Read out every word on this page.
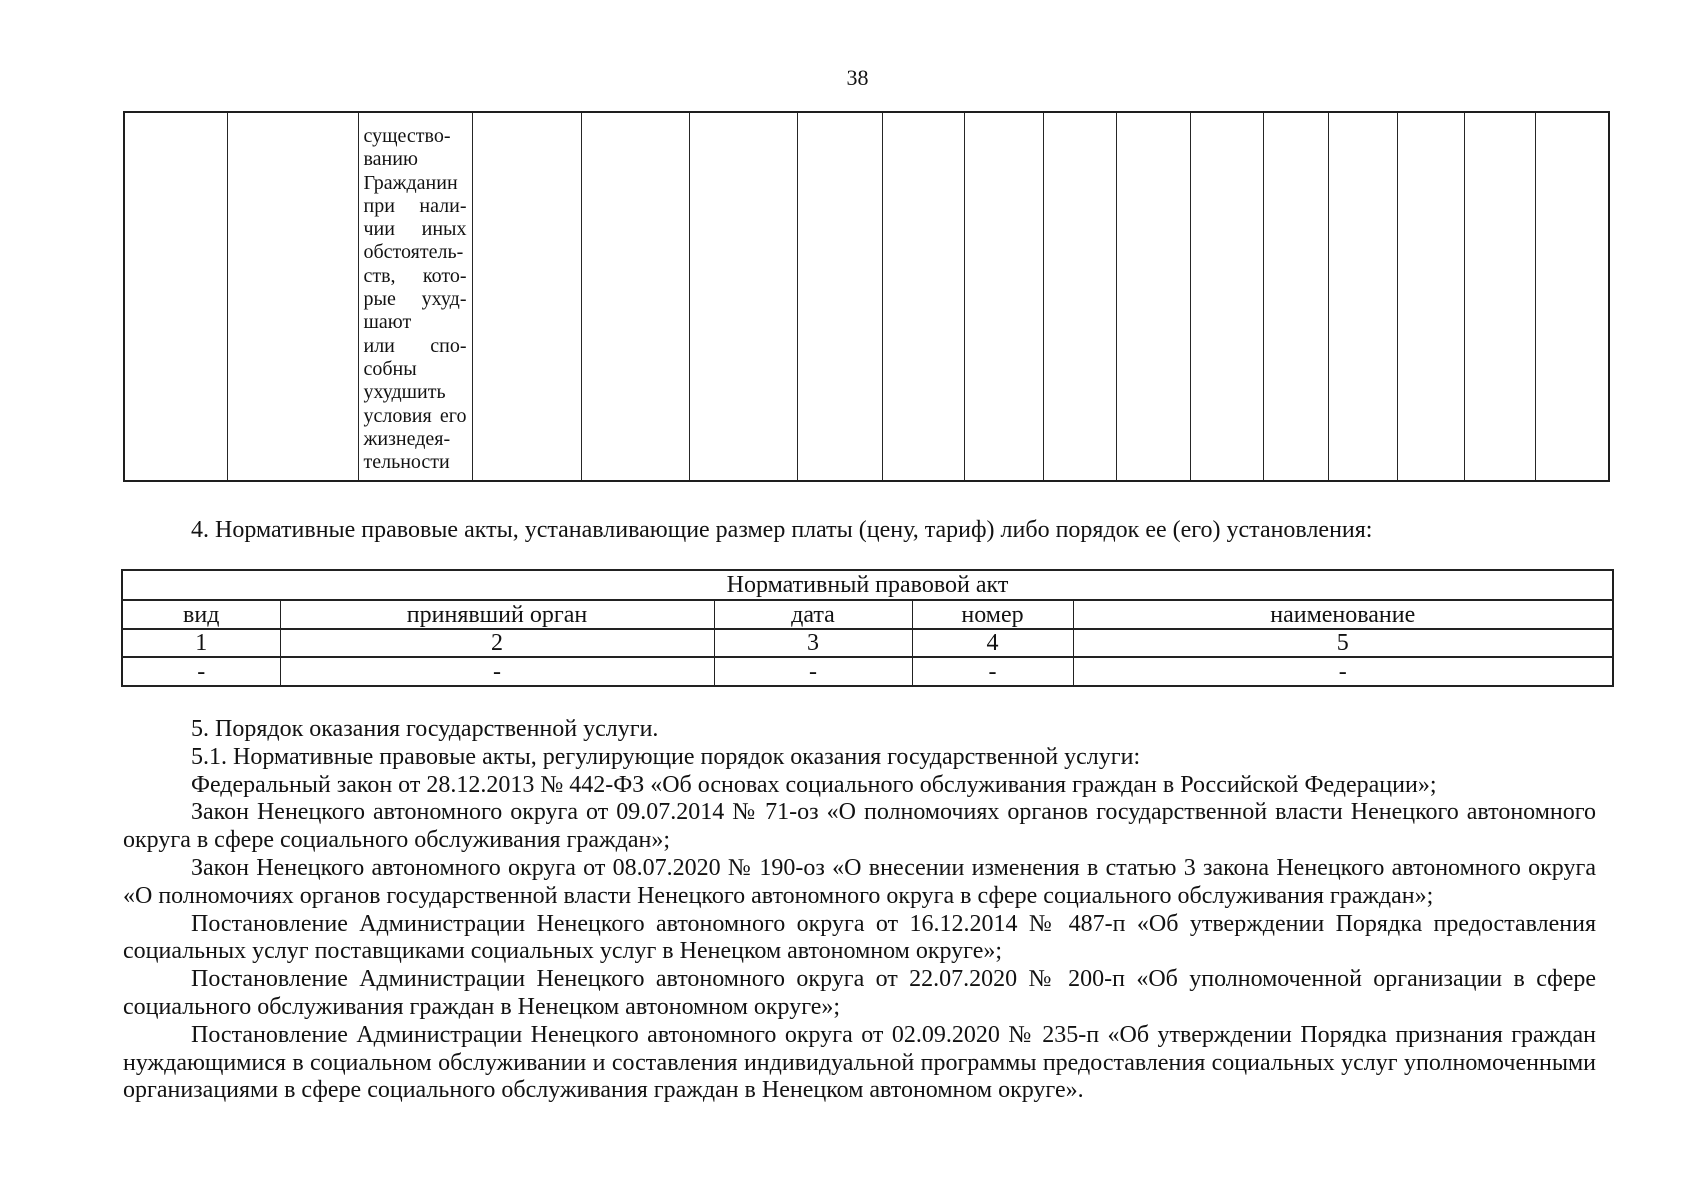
38

существо-
ванию
Гражданин
при нали-
чии иных
обстоятель-
ств, кото-
рые ухуд-
шают
или спо-
собны
ухудшить
условия его
жизнедея-
тельности

4. Нормативные правовые акты, устанавливающие размер платы (цену, тариф) либо порядок ее (его) установления:
Нормативный правовой акт				
вид	принявший орган	дата	номер	наименование
1	2	3	4	5
-	-	-	-	-
5. Порядок оказания государственной услуги.
5.1. Нормативные правовые акты, регулирующие порядок оказания государственной услуги:
Федеральный закон от 28.12.2013 № 442-ФЗ «Об основах социального обслуживания граждан в Российской Федерации»;
Закон Ненецкого автономного округа от 09.07.2014 № 71-оз «О полномочиях органов государственной власти Ненецкого автономного
округа в сфере социального обслуживания граждан»;
Закон Ненецкого автономного округа от 08.07.2020 № 190-оз «О внесении изменения в статью 3 закона Ненецкого автономного округа
«О полномочиях органов государственной власти Ненецкого автономного округа в сфере социального обслуживания граждан»;
Постановление Администрации Ненецкого автономного округа от 16.12.2014 № 487-п «Об утверждении Порядка предоставления
социальных услуг поставщиками социальных услуг в Ненецком автономном округе»;
Постановление Администрации Ненецкого автономного округа от 22.07.2020 № 200-п «Об уполномоченной организации в сфере
социального обслуживания граждан в Ненецком автономном округе»;
Постановление Администрации Ненецкого автономного округа от 02.09.2020 № 235-п «Об утверждении Порядка признания граждан
нуждающимися в социальном обслуживании и составления индивидуальной программы предоставления социальных услуг уполномоченными
организациями в сфере социального обслуживания граждан в Ненецком автономном округе».
